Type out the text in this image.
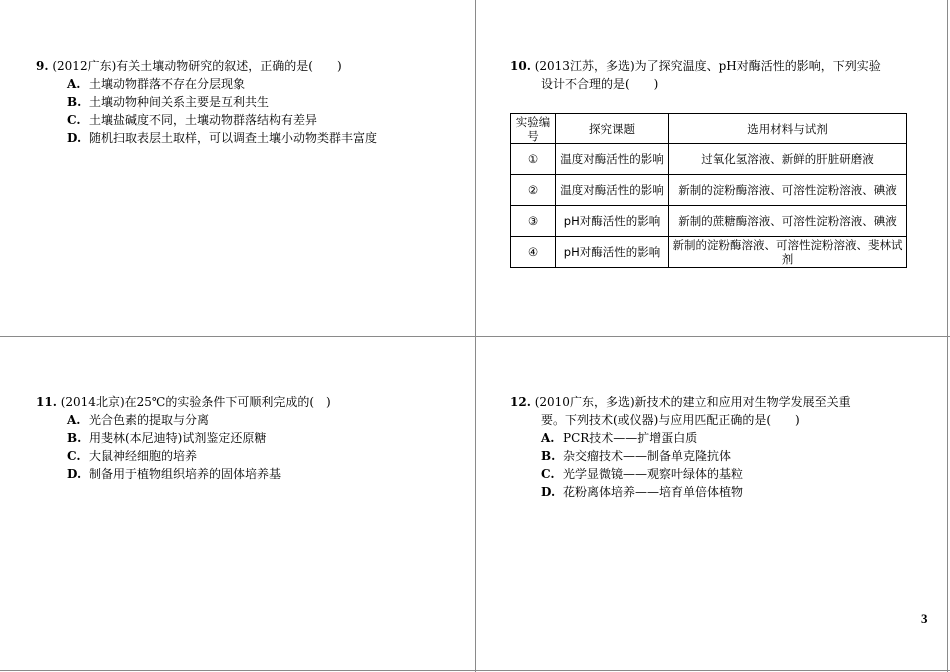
9. (2012广东)有关土壤动物研究的叙述，正确的是(　　)
A. 土壤动物群落不存在分层现象
B. 土壤动物种间关系主要是互利共生
C. 土壤盐碱度不同，土壤动物群落结构有差异
D. 随机扫取表层土取样，可以调查土壤小动物类群丰富度
10. (2013江苏，多选)为了探究温度、pH对酶活性的影响，下列实验
设计不合理的是(　　)
实验编号	探究课题	选用材料与试剂
①	温度对酶活性的影响	过氧化氢溶液、新鲜的肝脏研磨液
②	温度对酶活性的影响	新制的淀粉酶溶液、可溶性淀粉溶液、碘液
③	pH对酶活性的影响	新制的蔗糖酶溶液、可溶性淀粉溶液、碘液
④	pH对酶活性的影响	新制的淀粉酶溶液、可溶性淀粉溶液、斐林试剂
11. (2014北京)在25℃的实验条件下可顺利完成的(　)
A. 光合色素的提取与分离
B. 用斐林(本尼迪特)试剂鉴定还原糖
C. 大鼠神经细胞的培养
D. 制备用于植物组织培养的固体培养基
12. (2010广东，多选)新技术的建立和应用对生物学发展至关重
要。下列技术(或仪器)与应用匹配正确的是(　　)
A. PCR技术——扩增蛋白质
B. 杂交瘤技术——制备单克隆抗体
C. 光学显微镜——观察叶绿体的基粒
D. 花粉离体培养——培育单倍体植物
3
